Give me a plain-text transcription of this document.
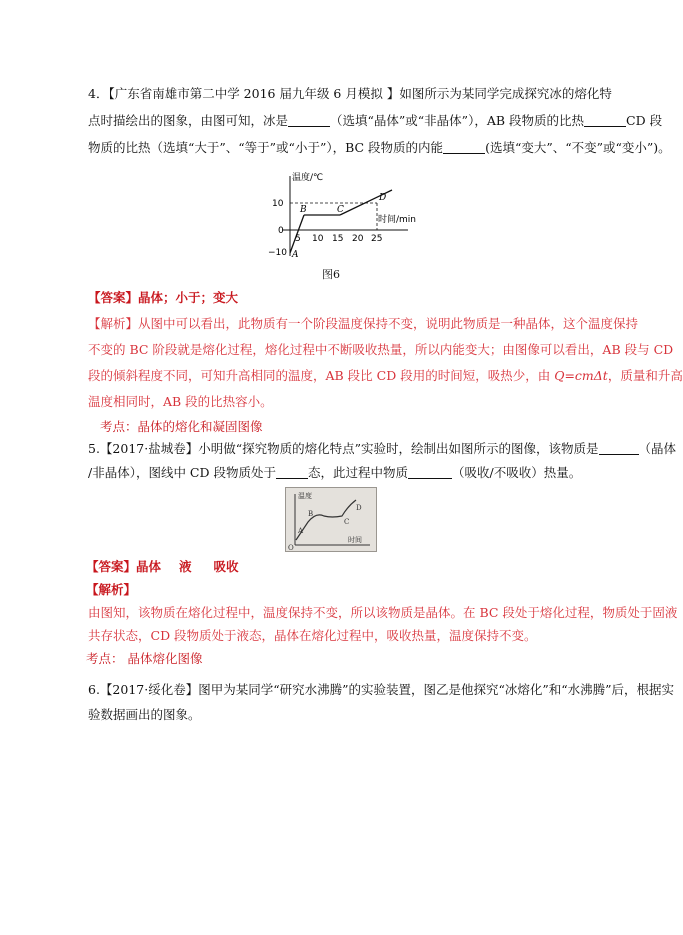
4．【广东省南雄市第二中学 2016 届九年级 6 月模拟 】如图所示为某同学完成探究冰的熔化特
点时描绘出的图象，由图可知，冰是	（选填“晶体”或“非晶体”），AB 段物质的比热	CD 段
物质的比热（选填“大于”、“等于”或“小于”），BC 段物质的内能	(选填“变大”、“不变”或“变小”)。
温度/℃
10
0
−10
时间/min
5 10 15 20 25
A
B	C
D
图6
【答案】晶体；小于；变大
【解析】从图中可以看出，此物质有一个阶段温度保持不变，说明此物质是一种晶体，这个温度保持
不变的 BC 阶段就是熔化过程，熔化过程中不断吸收热量，所以内能变大；由图像可以看出，AB 段与 CD
段的倾斜程度不同，可知升高相同的温度，AB 段比 CD 段用的时间短，吸热少，由 Q=cmΔt，质量和升高
温度相同时，AB 段的比热容小。
考点：晶体的熔化和凝固图像
5.【2017·盐城卷】小明做“探究物质的熔化特点”实验时，绘制出如图所示的图像，该物质是	（晶体
/非晶体），图线中 CD 段物质处于	态，此过程中物质	（吸收/不吸收）热量。
温度
时间
A
B
C
D
O
【答案】晶体 液 吸收
【解析】
由图知，该物质在熔化过程中，温度保持不变，所以该物质是晶体。在 BC 段处于熔化过程，物质处于固液
共存状态，CD 段物质处于液态，晶体在熔化过程中，吸收热量，温度保持不变。
考点： 晶体熔化图像
6.【2017·绥化卷】图甲为某同学“研究水沸腾”的实验装置，图乙是他探究“冰熔化”和“水沸腾”后，根据实
验数据画出的图象。
